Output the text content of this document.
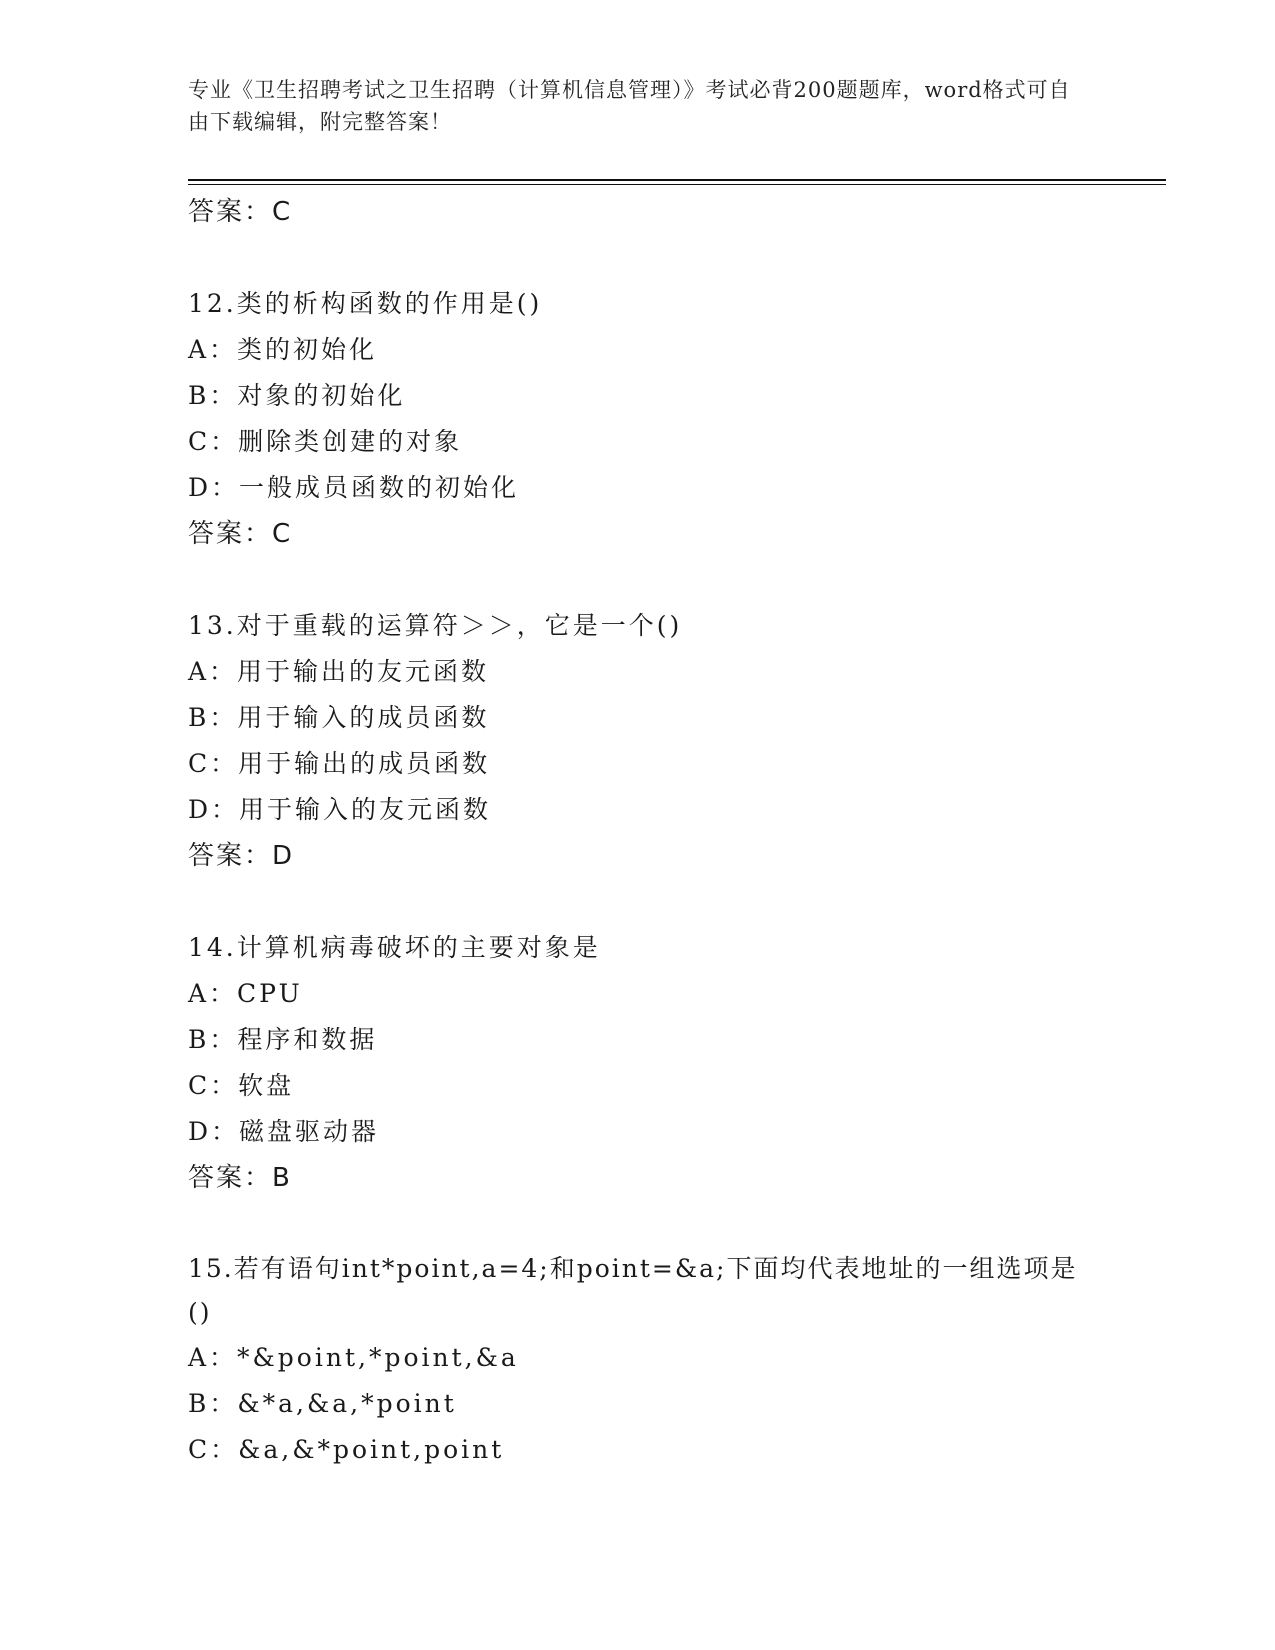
专业《卫生招聘考试之卫生招聘（计算机信息管理）》考试必背200题题库，word格式可自由下载编辑，附完整答案！
答案：C
12.类的析构函数的作用是()
A：类的初始化
B：对象的初始化
C：删除类创建的对象
D：一般成员函数的初始化
答案：C
13.对于重载的运算符＞＞，它是一个()
A：用于输出的友元函数
B：用于输入的成员函数
C：用于输出的成员函数
D：用于输入的友元函数
答案：D
14.计算机病毒破坏的主要对象是
A：CPU
B：程序和数据
C：软盘
D：磁盘驱动器
答案：B
15.若有语句int*point,a=4;和point=&a;下面均代表地址的一组选项是()
A：*&point,*point,&a
B：&*a,&a,*point
C：&a,&*point,point
